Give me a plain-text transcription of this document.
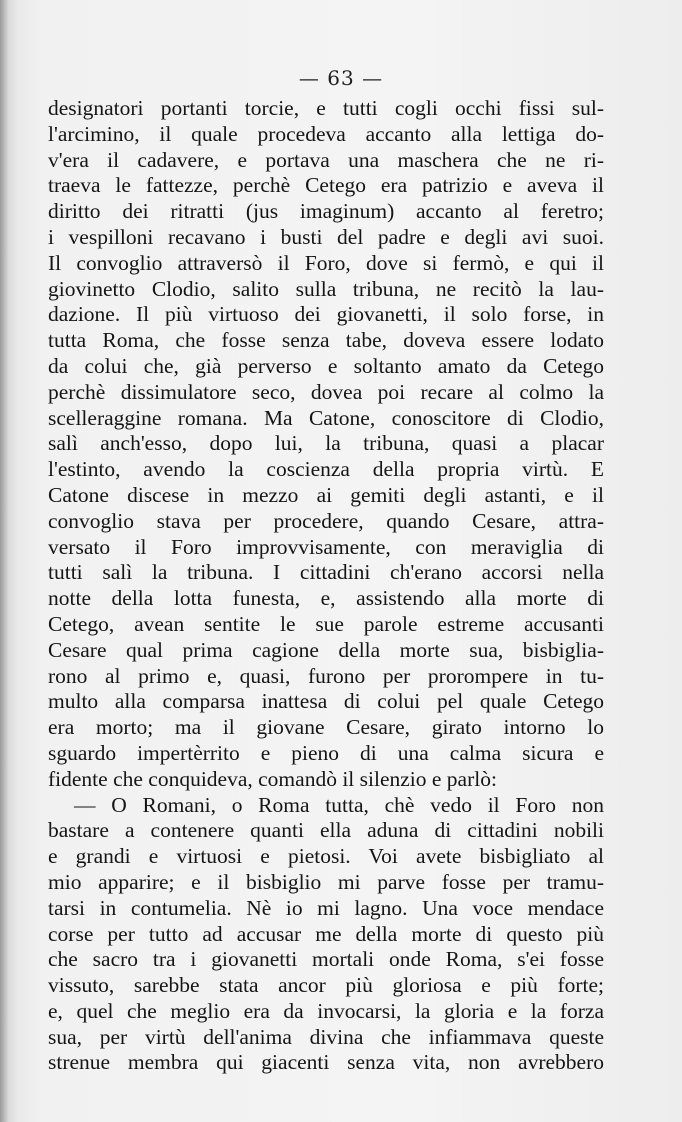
— 63 —
designatori portanti torcie, e tutti cogli occhi fissi sul-
l'arcimino, il quale procedeva accanto alla lettiga do-
v'era il cadavere, e portava una maschera che ne ri-
traeva le fattezze, perchè Cetego era patrizio e aveva il
diritto dei ritratti (jus imaginum) accanto al feretro;
i vespilloni recavano i busti del padre e degli avi suoi.
Il convoglio attraversò il Foro, dove si fermò, e qui il
giovinetto Clodio, salito sulla tribuna, ne recitò la lau-
dazione. Il più virtuoso dei giovanetti, il solo forse, in
tutta Roma, che fosse senza tabe, doveva essere lodato
da colui che, già perverso e soltanto amato da Cetego
perchè dissimulatore seco, dovea poi recare al colmo la
scelleraggine romana. Ma Catone, conoscitore di Clodio,
salì anch'esso, dopo lui, la tribuna, quasi a placar
l'estinto, avendo la coscienza della propria virtù. E
Catone discese in mezzo ai gemiti degli astanti, e il
convoglio stava per procedere, quando Cesare, attra-
versato il Foro improvvisamente, con meraviglia di
tutti salì la tribuna. I cittadini ch'erano accorsi nella
notte della lotta funesta, e, assistendo alla morte di
Cetego, avean sentite le sue parole estreme accusanti
Cesare qual prima cagione della morte sua, bisbiglia-
rono al primo e, quasi, furono per prorompere in tu-
multo alla comparsa inattesa di colui pel quale Cetego
era morto; ma il giovane Cesare, girato intorno lo
sguardo impertèrrito e pieno di una calma sicura e
fidente che conquideva, comandò il silenzio e parlò:
— O Romani, o Roma tutta, chè vedo il Foro non
bastare a contenere quanti ella aduna di cittadini nobili
e grandi e virtuosi e pietosi. Voi avete bisbigliato al
mio apparire; e il bisbiglio mi parve fosse per tramu-
tarsi in contumelia. Nè io mi lagno. Una voce mendace
corse per tutto ad accusar me della morte di questo più
che sacro tra i giovanetti mortali onde Roma, s'ei fosse
vissuto, sarebbe stata ancor più gloriosa e più forte;
e, quel che meglio era da invocarsi, la gloria e la forza
sua, per virtù dell'anima divina che infiammava queste
strenue membra qui giacenti senza vita, non avrebbero
